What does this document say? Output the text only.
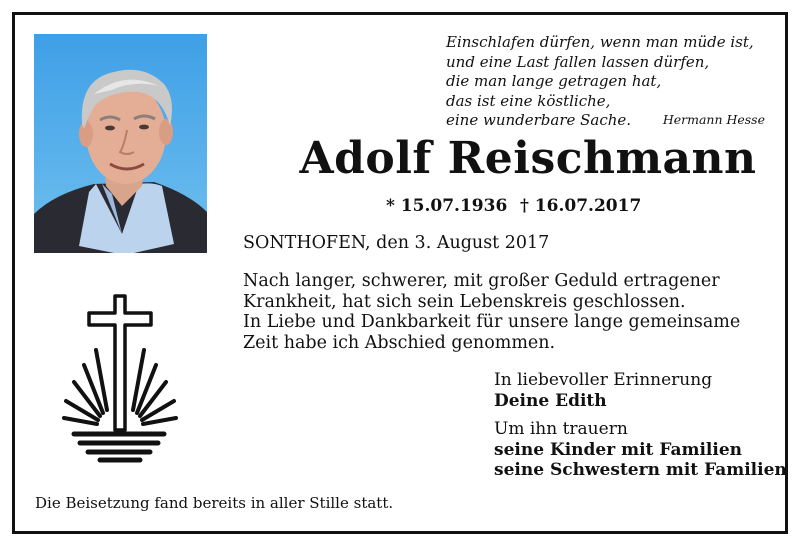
Einschlafen dürfen, wenn man müde ist,
und eine Last fallen lassen dürfen,
die man lange getragen hat,
das ist eine köstliche,
eine wunderbare Sache.	Hermann Hesse
Adolf Reischmann
* 15.07.1936 † 16.07.2017
SONTHOFEN, den 3. August 2017
Nach langer, schwerer, mit großer Geduld ertragener
Krankheit, hat sich sein Lebenskreis geschlossen.
In Liebe und Dankbarkeit für unsere lange gemeinsame
Zeit habe ich Abschied genommen.
In liebevoller Erinnerung
Deine Edith
Um ihn trauern
seine Kinder mit Familien
seine Schwestern mit Familien
Die Beisetzung fand bereits in aller Stille statt.
